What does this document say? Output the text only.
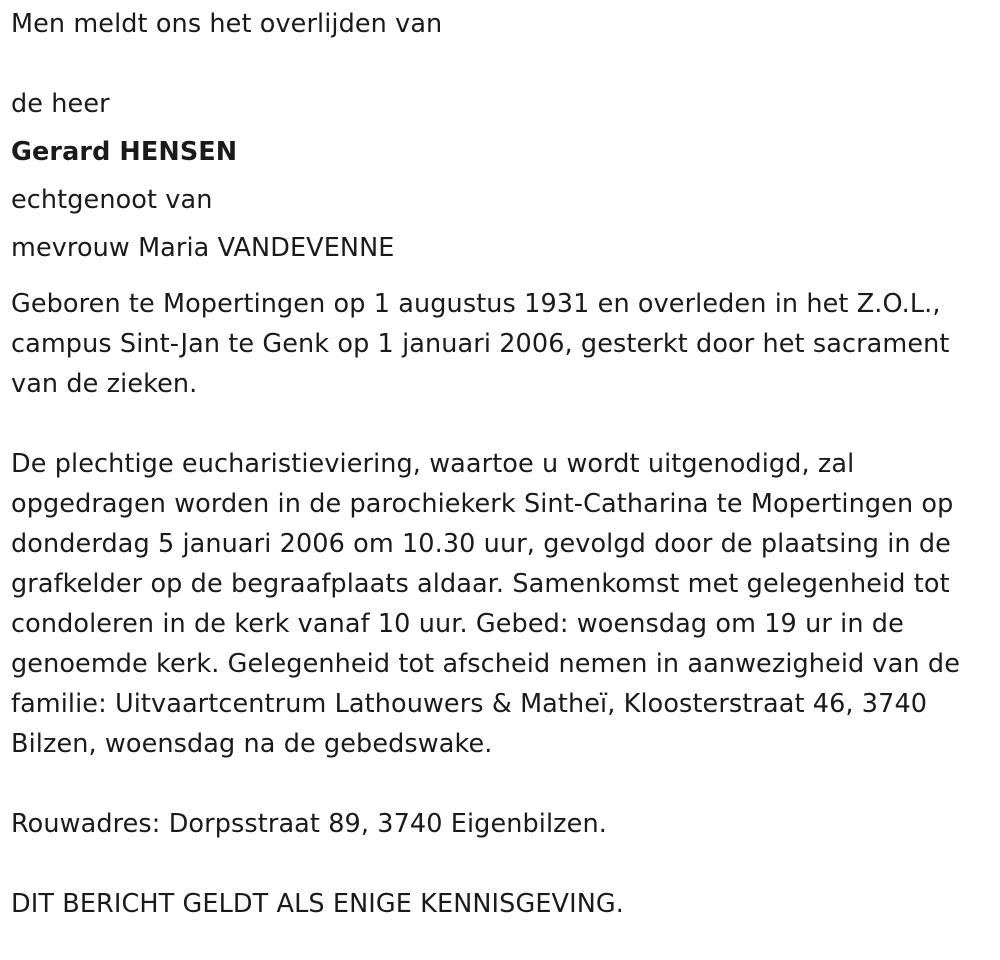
Men meldt ons het overlijden van
de heer
Gerard HENSEN
echtgenoot van
mevrouw Maria VANDEVENNE

Geboren te Mopertingen op 1 augustus 1931 en overleden in het Z.O.L., campus Sint-Jan te Genk op 1 januari 2006, gesterkt door het sacrament van de zieken.

De plechtige eucharistieviering, waartoe u wordt uitgenodigd, zal opgedragen worden in de parochiekerk Sint-Catharina te Mopertingen op donderdag 5 januari 2006 om 10.30 uur, gevolgd door de plaatsing in de grafkelder op de begraafplaats aldaar. Samenkomst met gelegenheid tot condoleren in de kerk vanaf 10 uur. Gebed: woensdag om 19 ur in de genoemde kerk. Gelegenheid tot afscheid nemen in aanwezigheid van de familie: Uitvaartcentrum Lathouwers & Matheï, Kloosterstraat 46, 3740 Bilzen, woensdag na de gebedswake.

Rouwadres: Dorpsstraat 89, 3740 Eigenbilzen.

DIT BERICHT GELDT ALS ENIGE KENNISGEVING.
